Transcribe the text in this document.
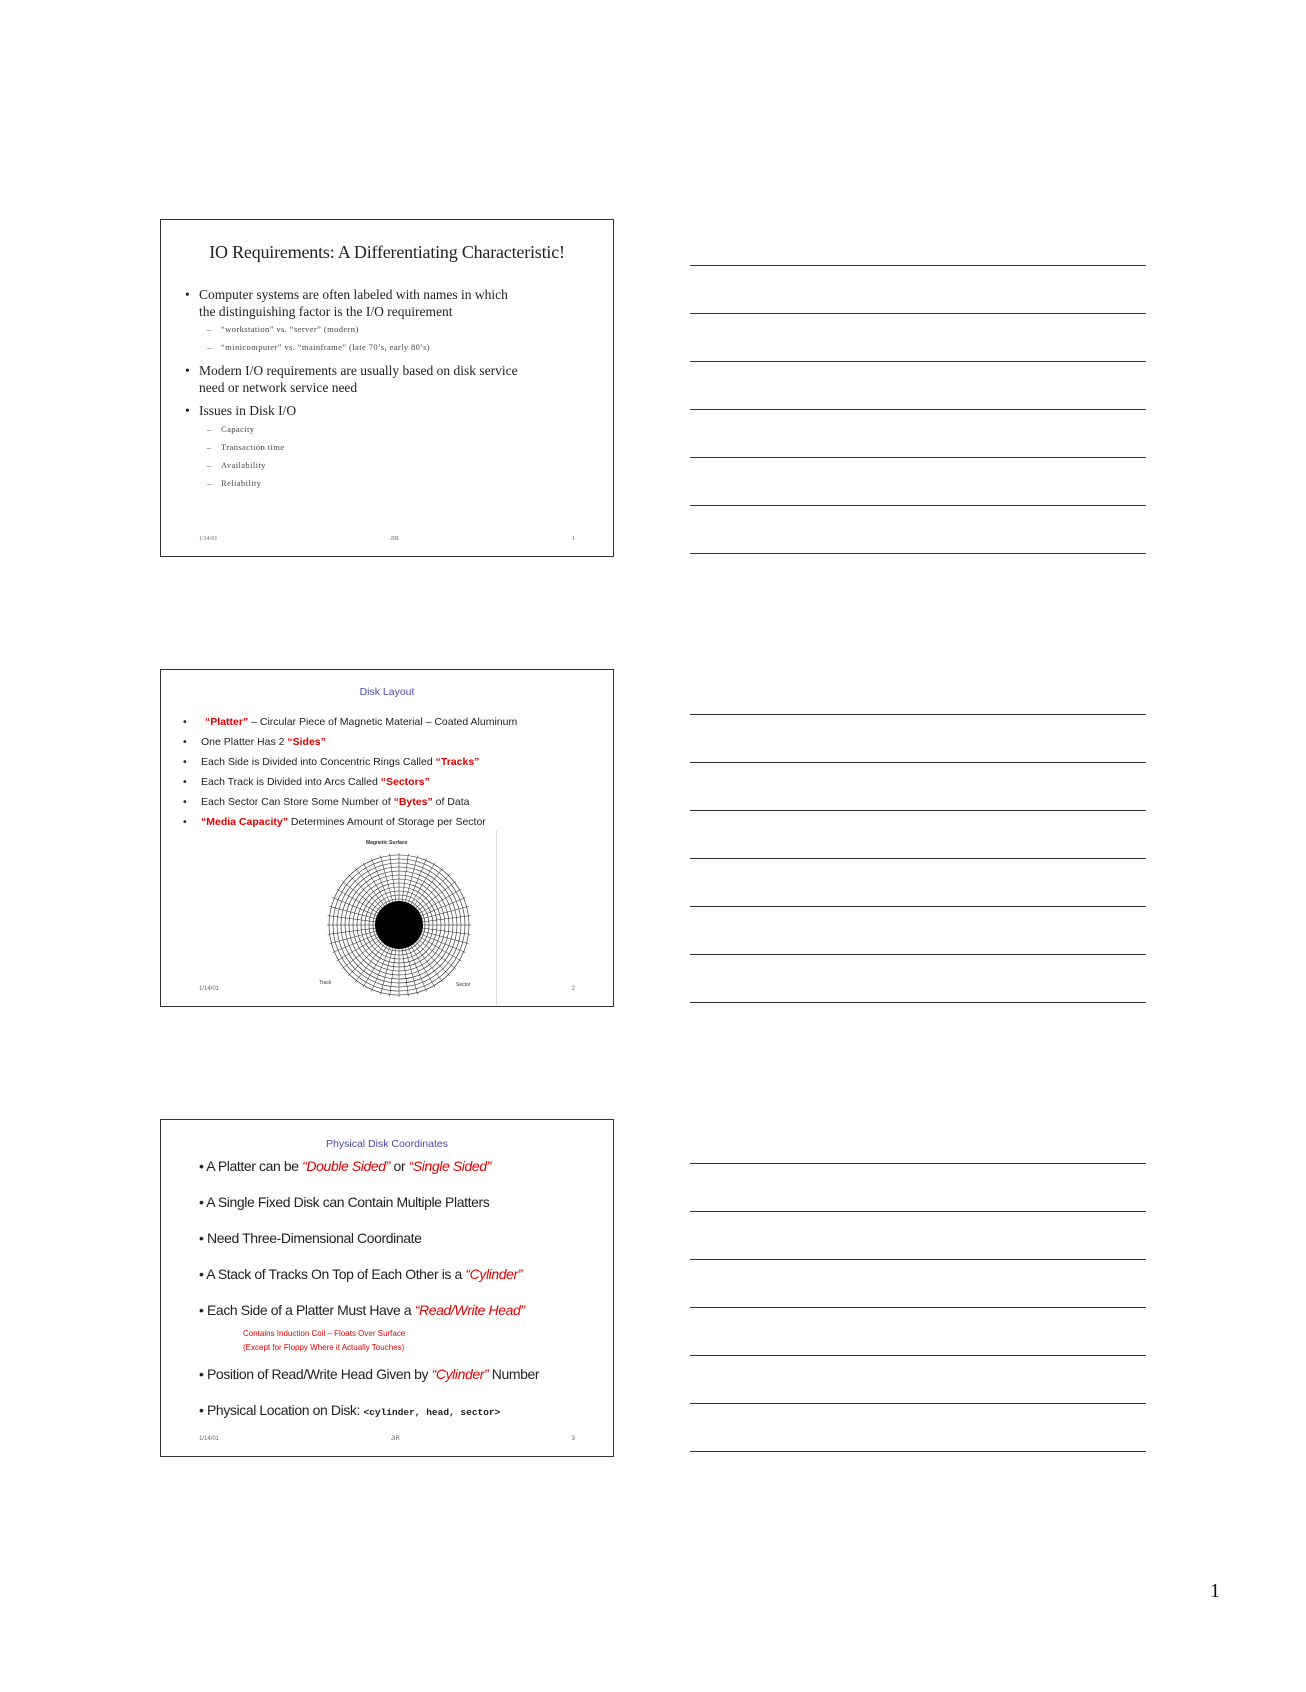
IO Requirements: A Differentiating Characteristic!
• Computer systems are often labeled with names in which
the distinguishing factor is the I/O requirement
– “workstation” vs. “server” (modern)
– “minicomputer” vs. “mainframe” (late 70’s, early 80’s)
• Modern I/O requirements are usually based on disk service
need or network service need
• Issues in Disk I/O
– Capacity
– Transaction time
– Availability
– Reliability
1/14/01	JIR	1
Disk Layout
• “Platter” – Circular Piece of Magnetic Material – Coated Aluminum
• One Platter Has 2 “Sides”
• Each Side is Divided into Concentric Rings Called “Tracks”
• Each Track is Divided into Arcs Called “Sectors”
• Each Sector Can Store Some Number of “Bytes” of Data
• “Media Capacity” Determines Amount of Storage per Sector
Magnetic Surface
Track	Sector
1/14/01	2
Physical Disk Coordinates
• A Platter can be “Double Sided” or “Single Sided”
• A Single Fixed Disk can Contain Multiple Platters
• Need Three-Dimensional Coordinate
• A Stack of Tracks On Top of Each Other is a “Cylinder”
• Each Side of a Platter Must Have a “Read/Write Head”
Contains Induction Coil – Floats Over Surface
(Except for Floppy Where it Actually Touches)
• Position of Read/Write Head Given by “Cylinder” Number
• Physical Location on Disk: <cylinder, head, sector>
1/14/01	JIR	3
1
